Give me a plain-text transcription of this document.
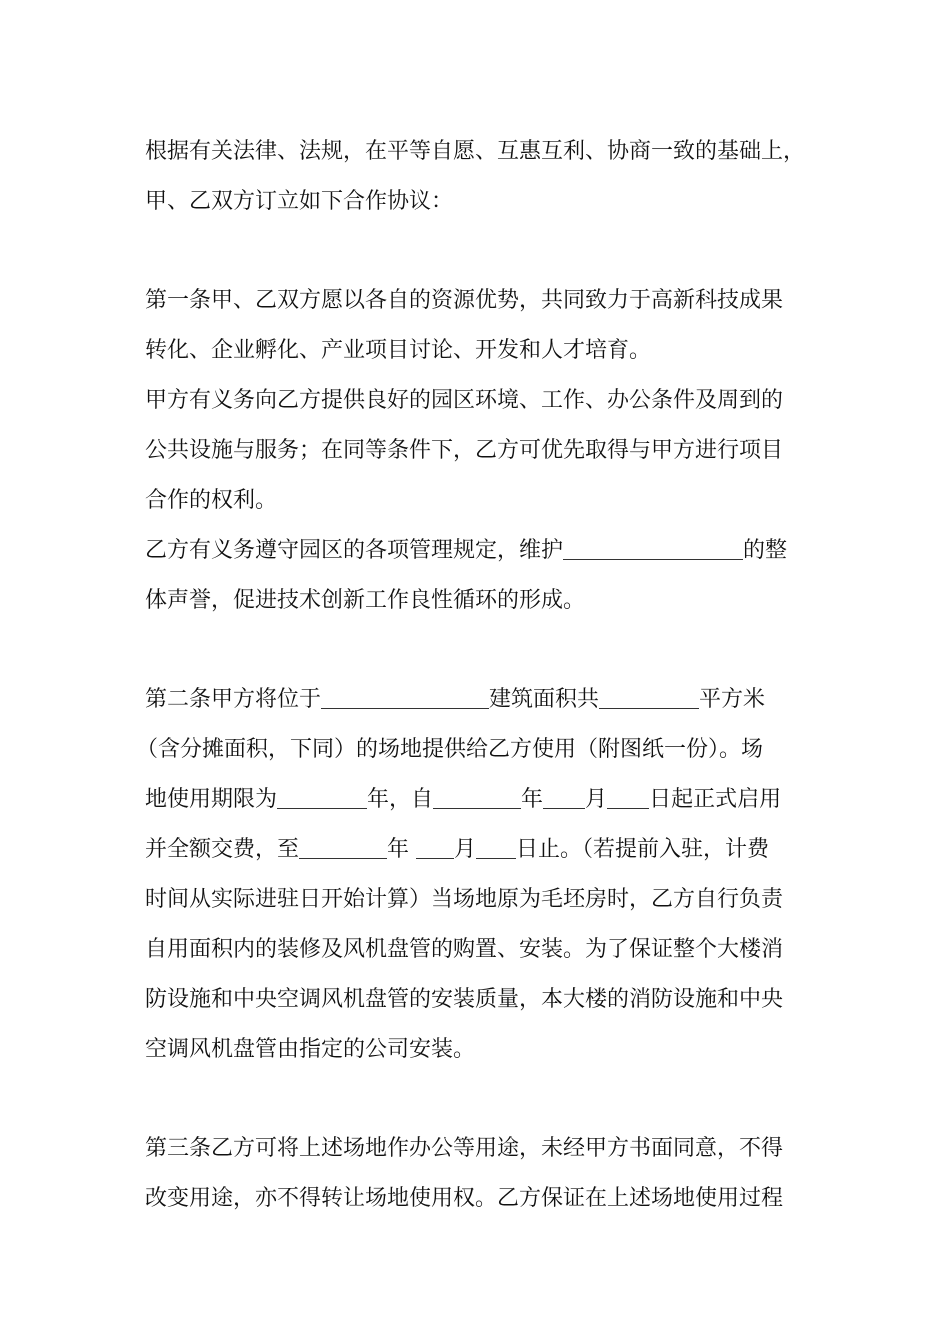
根据有关法律、法规，在平等自愿、互惠互利、协商一致的基础上，
甲、乙双方订立如下合作协议：
第一条甲、乙双方愿以各自的资源优势，共同致力于高新科技成果
转化、企业孵化、产业项目讨论、开发和人才培育。
甲方有义务向乙方提供良好的园区环境、工作、办公条件及周到的
公共设施与服务；在同等条件下，乙方可优先取得与甲方进行项目
合作的权利。
乙方有义务遵守园区的各项管理规定，维护	的整
体声誉，促进技术创新工作良性循环的形成。
第二条甲方将位于	建筑面积共	平方米
（含分摊面积，下同）的场地提供给乙方使用（附图纸一份）。场
地使用期限为	年，自	年 月 日起正式启用
并全额交费，至	年 月 日止。（若提前入驻，计费
时间从实际进驻日开始计算）当场地原为毛坯房时，乙方自行负责
自用面积内的装修及风机盘管的购置、安装。为了保证整个大楼消
防设施和中央空调风机盘管的安装质量，本大楼的消防设施和中央
空调风机盘管由指定的公司安装。
第三条乙方可将上述场地作办公等用途，未经甲方书面同意，不得
改变用途，亦不得转让场地使用权。乙方保证在上述场地使用过程
